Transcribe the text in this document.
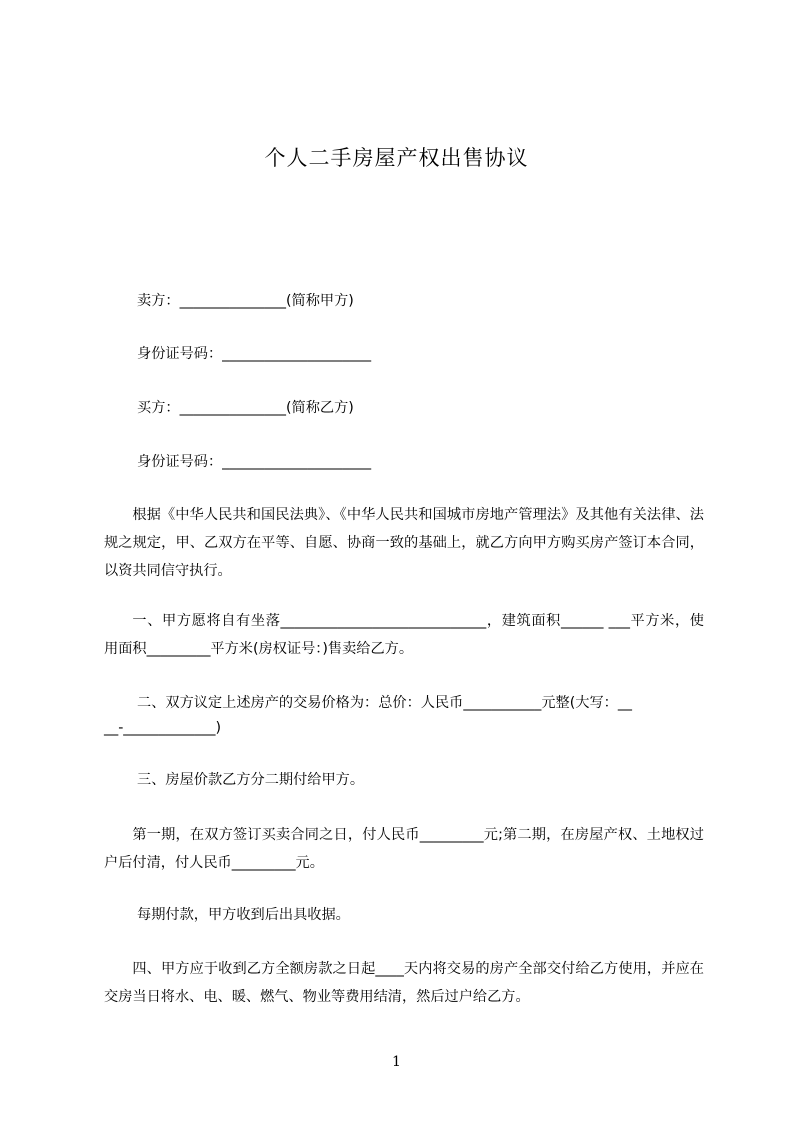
个人二手房屋产权出售协议
卖方：_______________(简称甲方)
身份证号码：_____________________
买方：_______________(简称乙方)
身份证号码：_____________________
根据《中华人民共和国民法典》、《中华人民共和国城市房地产管理法》及其他有关法律、法规之规定，甲、乙双方在平等、自愿、协商一致的基础上，就乙方向甲方购买房产签订本合同，以资共同信守执行。
一、甲方愿将自有坐落_____________________________，建筑面积______ ___平方米，使用面积_________平方米(房权证号：)售卖给乙方。
二、双方议定上述房产的交易价格为：总价：人民币___________元整(大写：__
__-_____________)
三、房屋价款乙方分二期付给甲方。
第一期，在双方签订买卖合同之日，付人民币_________元;第二期，在房屋产权、土地权过户后付清，付人民币_________元。
每期付款，甲方收到后出具收据。
四、甲方应于收到乙方全额房款之日起____天内将交易的房产全部交付给乙方使用，并应在交房当日将水、电、暖、燃气、物业等费用结清，然后过户给乙方。
1
